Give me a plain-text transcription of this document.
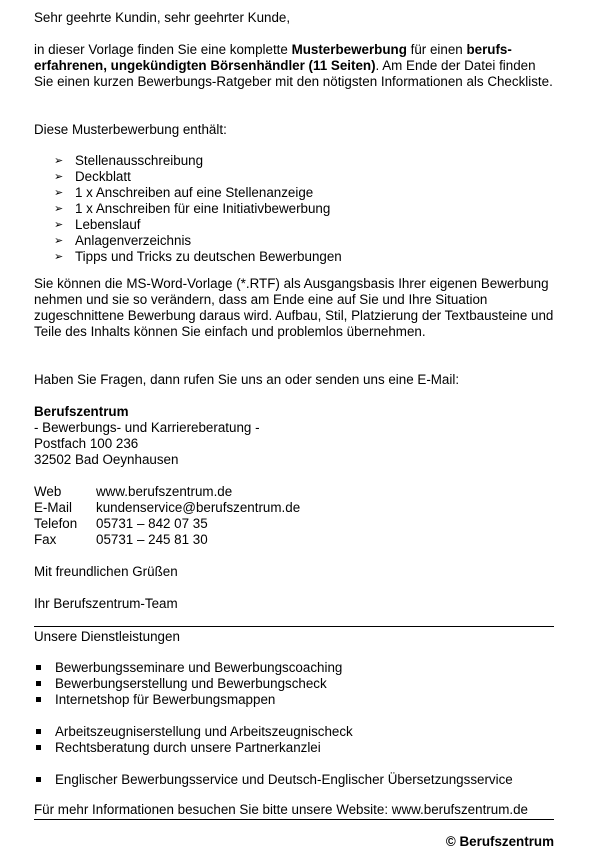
Sehr geehrte Kundin, sehr geehrter Kunde,

in dieser Vorlage finden Sie eine komplette Musterbewerbung für einen berufs-erfahrenen, ungekündigten Börsenhändler (11 Seiten). Am Ende der Datei finden Sie einen kurzen Bewerbungs-Ratgeber mit den nötigsten Informationen als Checkliste.

Diese Musterbewerbung enthält:

➢ Stellenausschreibung
➢ Deckblatt
➢ 1 x Anschreiben auf eine Stellenanzeige
➢ 1 x Anschreiben für eine Initiativbewerbung
➢ Lebenslauf
➢ Anlagenverzeichnis
➢ Tipps und Tricks zu deutschen Bewerbungen

Sie können die MS-Word-Vorlage (*.RTF) als Ausgangsbasis Ihrer eigenen Bewerbung nehmen und sie so verändern, dass am Ende eine auf Sie und Ihre Situation zugeschnittene Bewerbung daraus wird. Aufbau, Stil, Platzierung der Textbausteine und Teile des Inhalts können Sie einfach und problemlos übernehmen.

Haben Sie Fragen, dann rufen Sie uns an oder senden uns eine E-Mail:

Berufszentrum
- Bewerbungs- und Karriereberatung -
Postfach 100 236
32502 Bad Oeynhausen
Web	www.berufszentrum.de
E-Mail	kundenservice@berufszentrum.de
Telefon	05731 – 842 07 35
Fax	05731 – 245 81 30

Mit freundlichen Grüßen

Ihr Berufszentrum-Team

Unsere Dienstleistungen

Bewerbungsseminare und Bewerbungscoaching
Bewerbungserstellung und Bewerbungscheck
Internetshop für Bewerbungsmappen
Arbeitszeugniserstellung und Arbeitszeugnischeck
Rechtsberatung durch unsere Partnerkanzlei
Englischer Bewerbungsservice und Deutsch-Englischer Übersetzungsservice

Für mehr Informationen besuchen Sie bitte unsere Website: www.berufszentrum.de

© Berufszentrum
